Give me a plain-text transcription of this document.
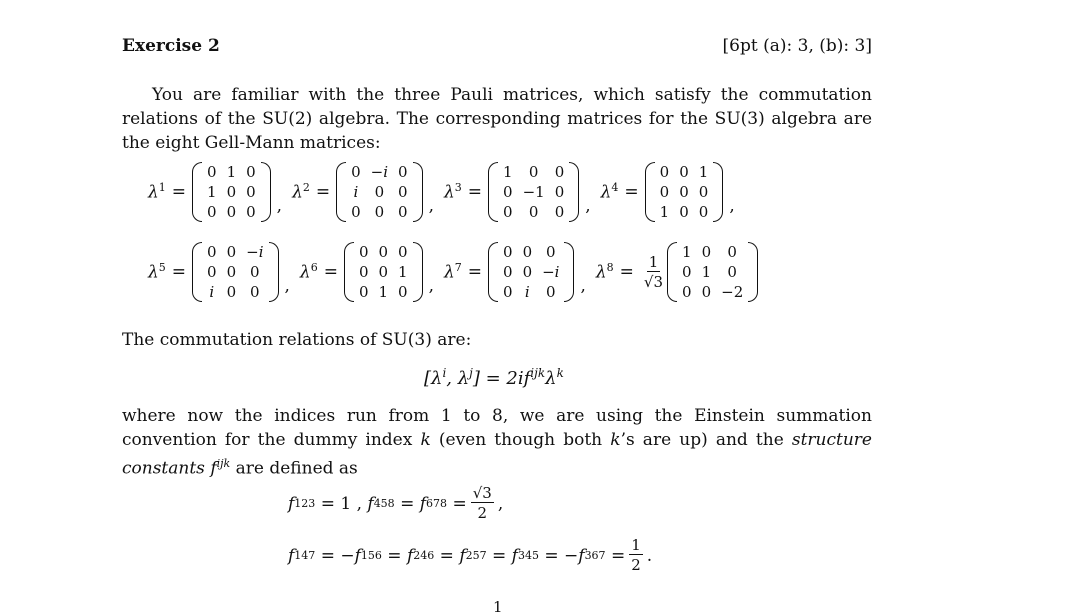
Exercise 2	[6pt (a): 3, (b): 3]
You are familiar with the three Pauli matrices, which satisfy the commutation relations of the SU(2) algebra. The corresponding matrices for the SU(3) algebra are the eight Gell-Mann matrices:
$\lambda^1$ =
0	1	0
1	0	0
0	0	0 ,
$\lambda^2$ =
0	−i	0
i	0	0
0	0	0 ,
$\lambda^3$ =
1	0	0
0	−1	0
0	0	0 ,
$\lambda^4$ =
0	0	1
0	0	0
1	0	0 ,
$\lambda^5$ =
0	0	−i
0	0	0
i	0	0 ,
$\lambda^6$ =
0	0	0
0	0	1
0	1	0 ,
$\lambda^7$ =
0	0	0
0	0	−i
0	i	0 ,
$\lambda^8 = \frac{1}{√3}$
1	0	0
0	1	0
0	0	−2
The commutation relations of SU(3) are:
[$\lambda^i$, $\lambda^j] = 2if^{ijk}\lambda^k$
where now the indices run from 1 to 8, we are using the Einstein summation convention for the dummy index k (even though both k’s are up) and the structure constants $f^{ijk}$ are defined as
f 123
= 1 , f 458 = f $678 = \frac{√3}{2}$ ,
f 147 = − f 156 = f 246 = f 257 = f 345 = − f $367 = \frac{1}{2}$ .
1
